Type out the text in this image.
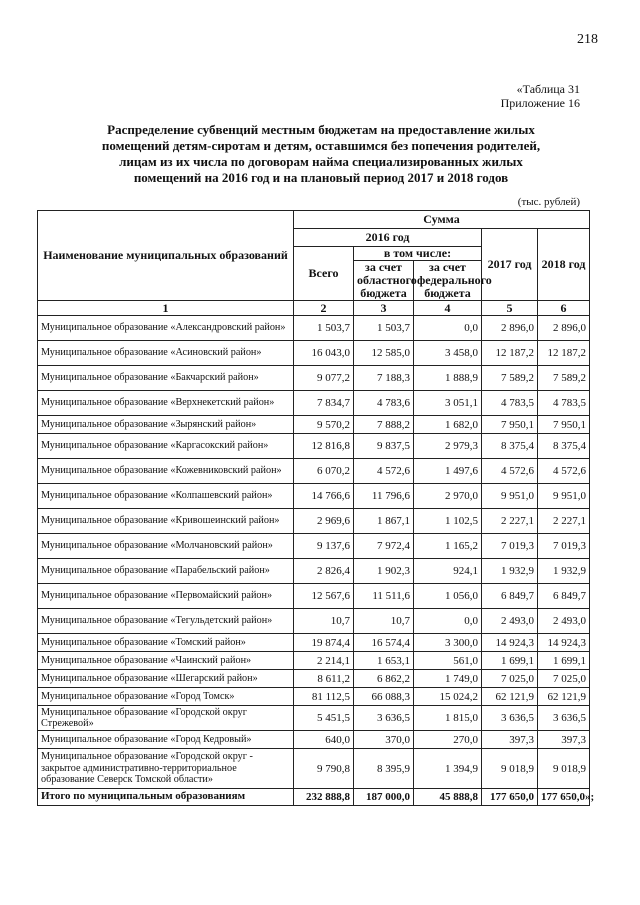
218
«Таблица 31
Приложение 16
Распределение субвенций местным бюджетам на предоставление жилых
помещений детям-сиротам и детям, оставшимся без попечения родителей,
лицам из их числа по договорам найма специализированных жилых
помещений на 2016 год и на плановый период 2017 и 2018 годов
(тыс. рублей)
Наименование муниципальных образований	Сумма				
	2016 год			2017 год	2018 год
	Всего	в том числе:			
		за счет областного бюджета	за счет федерального бюджета		
1	2	3	4	5	6
Муниципальное образование «Александровский район»	1 503,7	1 503,7	0,0	2 896,0	2 896,0
Муниципальное образование «Асиновский район»	16 043,0	12 585,0	3 458,0	12 187,2	12 187,2
Муниципальное образование «Бакчарский район»	9 077,2	7 188,3	1 888,9	7 589,2	7 589,2
Муниципальное образование «Верхнекетский район»	7 834,7	4 783,6	3 051,1	4 783,5	4 783,5
Муниципальное образование «Зырянский район»	9 570,2	7 888,2	1 682,0	7 950,1	7 950,1
Муниципальное образование «Каргасокский район»	12 816,8	9 837,5	2 979,3	8 375,4	8 375,4
Муниципальное образование «Кожевниковский район»	6 070,2	4 572,6	1 497,6	4 572,6	4 572,6
Муниципальное образование «Колпашевский район»	14 766,6	11 796,6	2 970,0	9 951,0	9 951,0
Муниципальное образование «Кривошеинский район»	2 969,6	1 867,1	1 102,5	2 227,1	2 227,1
Муниципальное образование «Молчановский район»	9 137,6	7 972,4	1 165,2	7 019,3	7 019,3
Муниципальное образование «Парабельский район»	2 826,4	1 902,3	924,1	1 932,9	1 932,9
Муниципальное образование «Первомайский район»	12 567,6	11 511,6	1 056,0	6 849,7	6 849,7
Муниципальное образование «Тегульдетский район»	10,7	10,7	0,0	2 493,0	2 493,0
Муниципальное образование «Томский район»	19 874,4	16 574,4	3 300,0	14 924,3	14 924,3
Муниципальное образование «Чаинский район»	2 214,1	1 653,1	561,0	1 699,1	1 699,1
Муниципальное образование «Шегарский район»	8 611,2	6 862,2	1 749,0	7 025,0	7 025,0
Муниципальное образование «Город Томск»	81 112,5	66 088,3	15 024,2	62 121,9	62 121,9
Муниципальное образование «Городской округ Стрежевой»	5 451,5	3 636,5	1 815,0	3 636,5	3 636,5
Муниципальное образование «Город Кедровый»	640,0	370,0	270,0	397,3	397,3
Муниципальное образование «Городской округ - закрытое административно-территориальное образование Северск Томской области»	9 790,8	8 395,9	1 394,9	9 018,9	9 018,9
Итого по муниципальным образованиям	232 888,8	187 000,0	45 888,8	177 650,0	177 650,0»;
